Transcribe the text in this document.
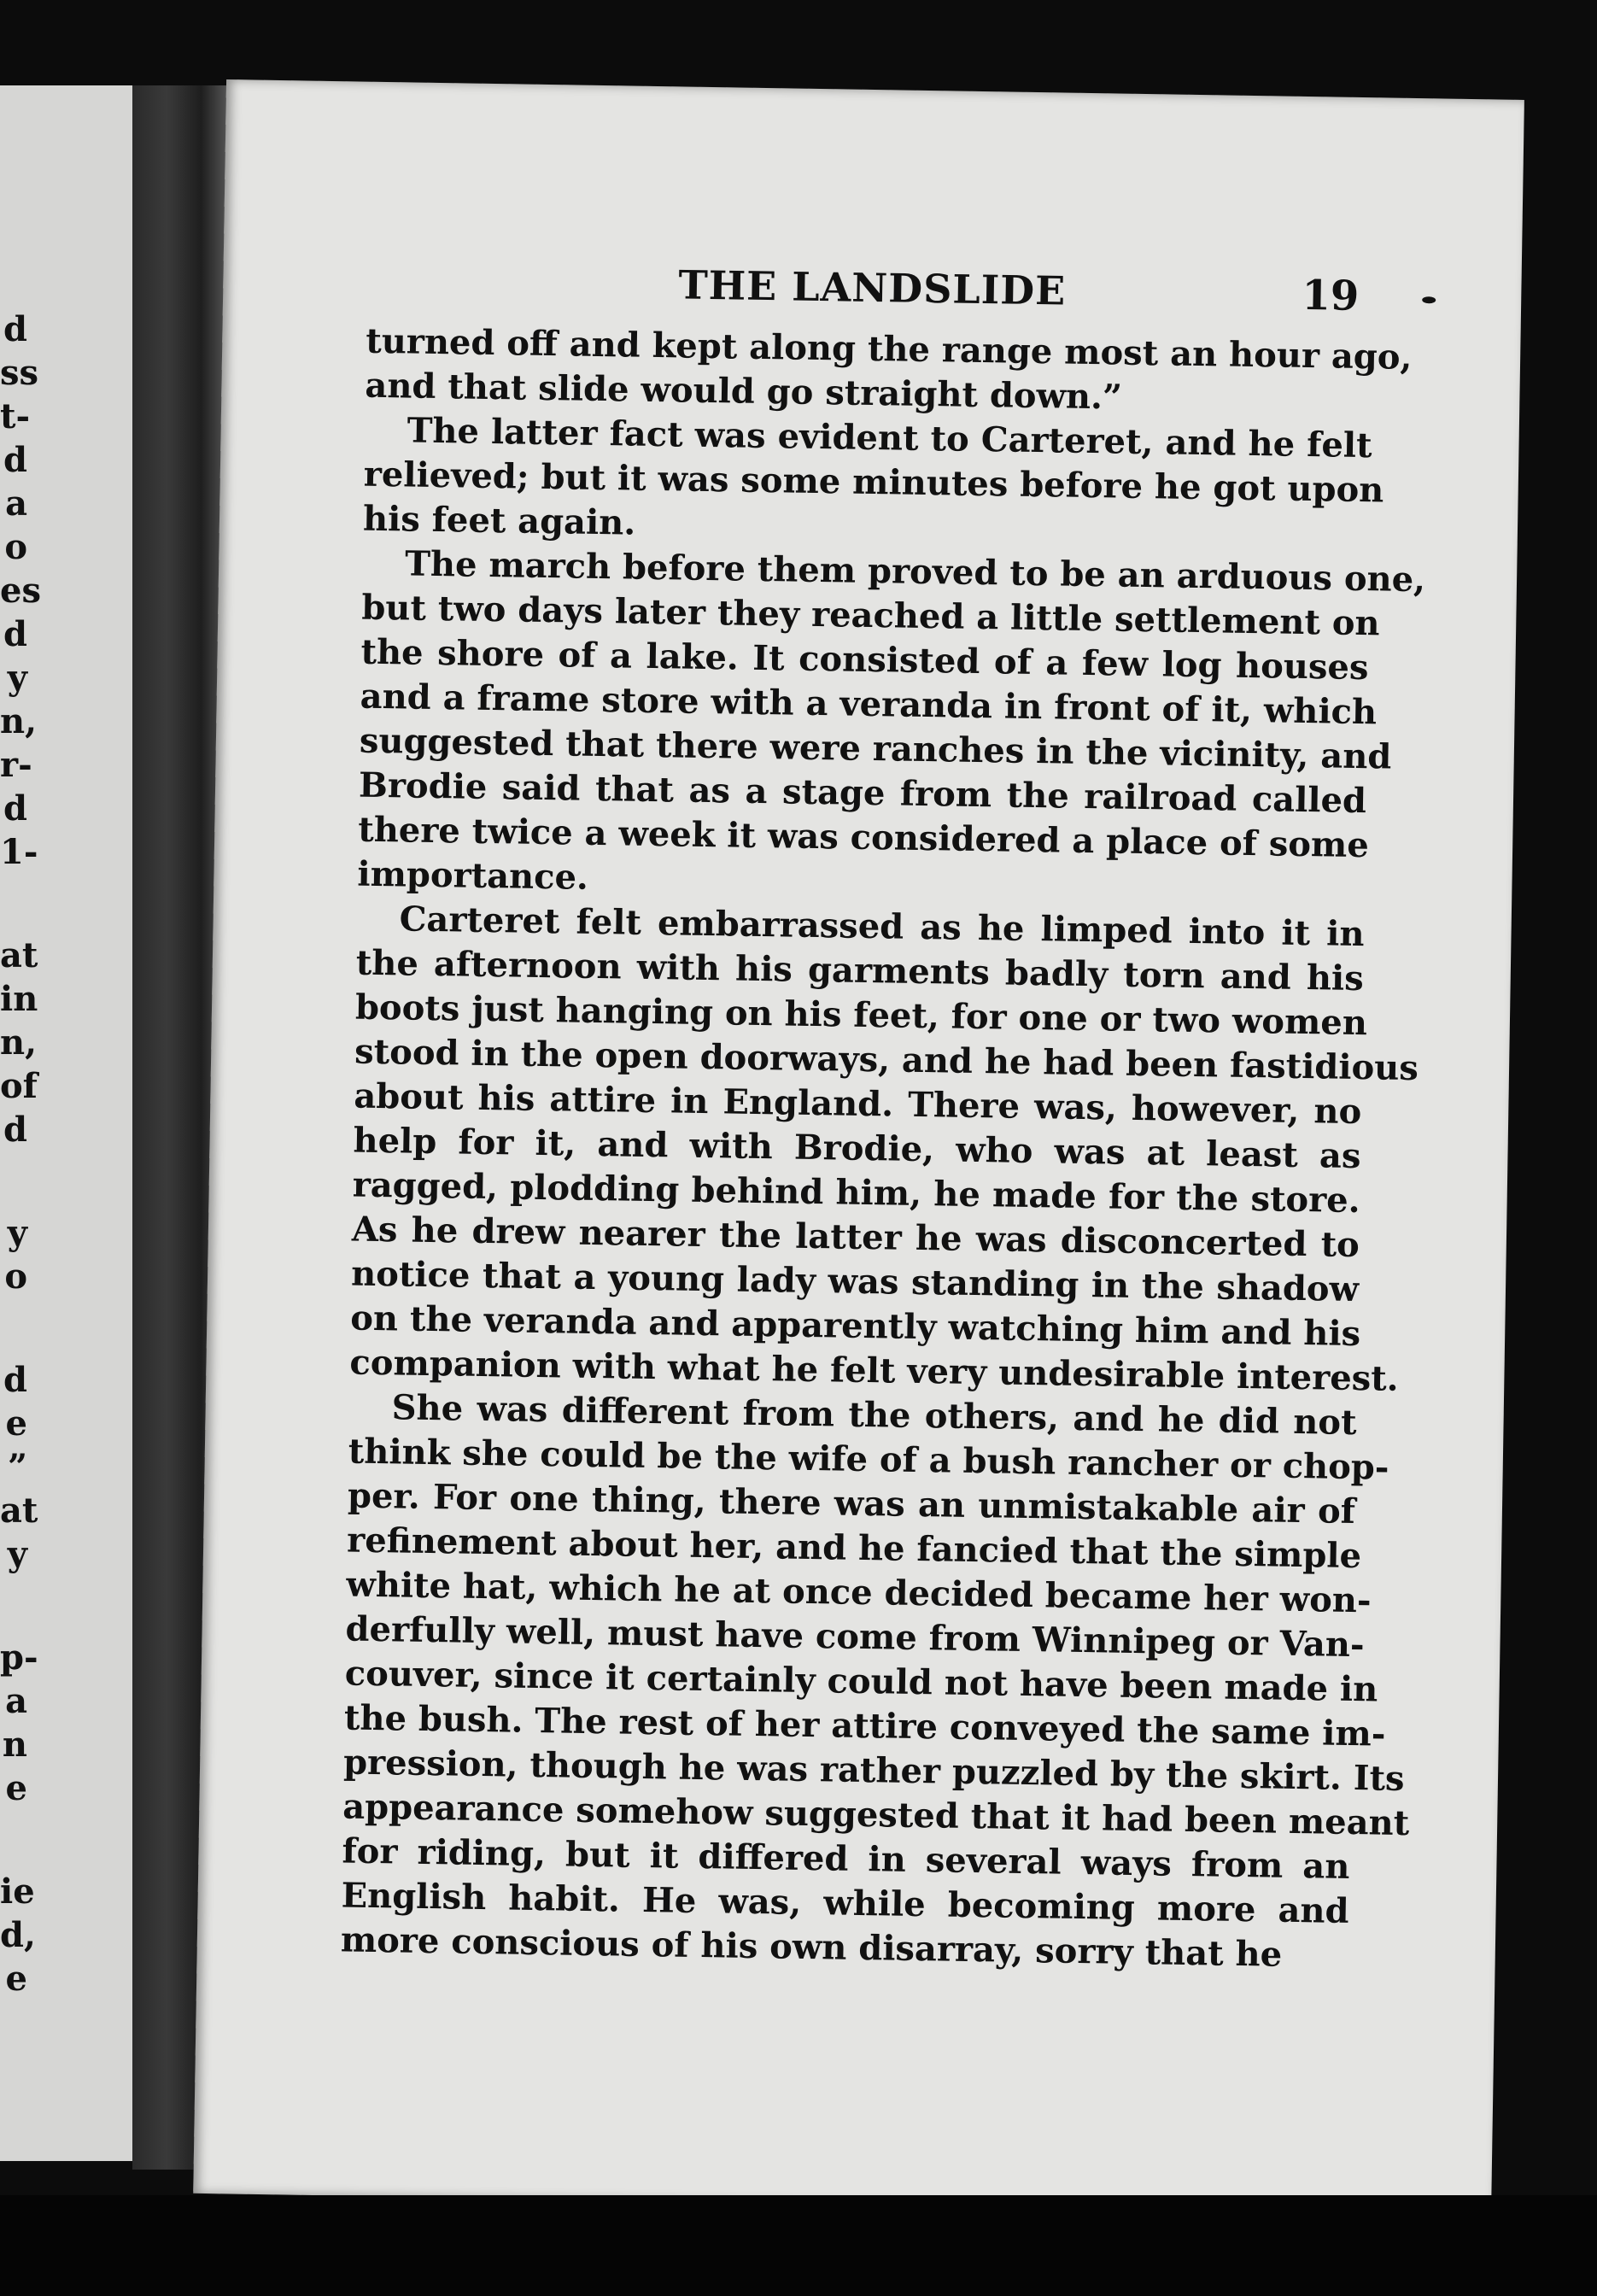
d
ss
t-
d
a
o
es
d
y
n,
r-
d
1-
at
in
n,
of
d
y
o
d
e
”
at
y
p-
a
n
e
ie
d,
e
THE LANDSLIDE	19

turned off and kept along the range most an hour ago,
and that slide would go straight down.”

The latter fact was evident to Carteret, and he felt
relieved; but it was some minutes before he got upon
his feet again.

The march before them proved to be an arduous one,
but two days later they reached a little settlement on
the shore of a lake. It consisted of a few log houses
and a frame store with a veranda in front of it, which
suggested that there were ranches in the vicinity, and
Brodie said that as a stage from the railroad called
there twice a week it was considered a place of some
importance.

Carteret felt embarrassed as he limped into it in
the afternoon with his garments badly torn and his
boots just hanging on his feet, for one or two women
stood in the open doorways, and he had been fastidious
about his attire in England. There was, however, no
help for it, and with Brodie, who was at least as
ragged, plodding behind him, he made for the store.
As he drew nearer the latter he was disconcerted to
notice that a young lady was standing in the shadow
on the veranda and apparently watching him and his
companion with what he felt very undesirable interest.

She was different from the others, and he did not
think she could be the wife of a bush rancher or chop-
per. For one thing, there was an unmistakable air of
refinement about her, and he fancied that the simple
white hat, which he at once decided became her won-
derfully well, must have come from Winnipeg or Van-
couver, since it certainly could not have been made in
the bush. The rest of her attire conveyed the same im-
pression, though he was rather puzzled by the skirt. Its
appearance somehow suggested that it had been meant
for riding, but it differed in several ways from an
English habit. He was, while becoming more and
more conscious of his own disarray, sorry that he
